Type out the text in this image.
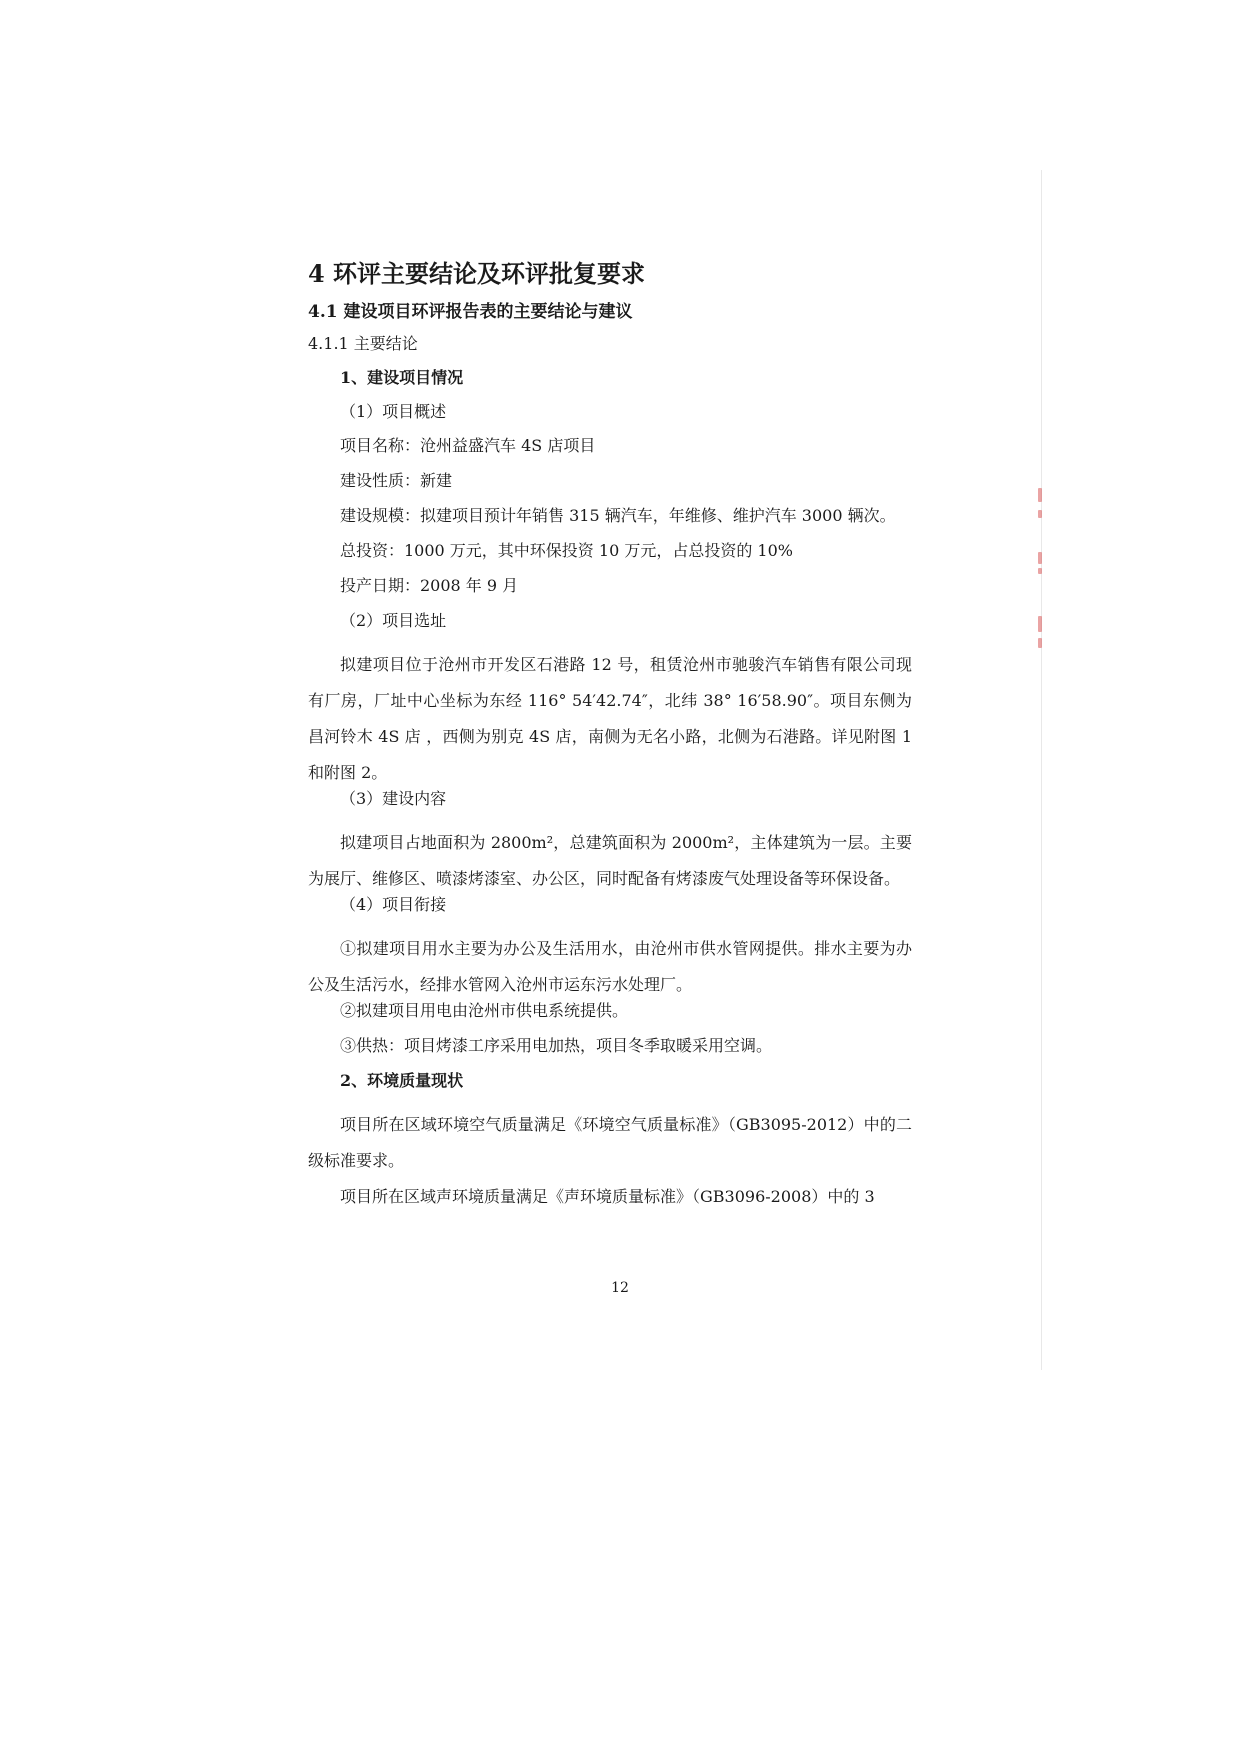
4 环评主要结论及环评批复要求
4.1 建设项目环评报告表的主要结论与建议
4.1.1 主要结论
1、建设项目情况
（1）项目概述
项目名称：沧州益盛汽车 4S 店项目
建设性质：新建
建设规模：拟建项目预计年销售 315 辆汽车，年维修、维护汽车 3000 辆次。
总投资：1000 万元，其中环保投资 10 万元，占总投资的 10%
投产日期：2008 年 9 月
（2）项目选址

拟建项目位于沧州市开发区石港路 12 号，租赁沧州市驰骏汽车销售有限公司现有厂房，厂址中心坐标为东经 116° 54′42.74″，北纬 38° 16′58.90″。项目东侧为昌河铃木 4S 店 ，西侧为别克 4S 店，南侧为无名小路，北侧为石港路。详见附图 1 和附图 2。

（3）建设内容

拟建项目占地面积为 2800m²，总建筑面积为 2000m²，主体建筑为一层。主要为展厅、维修区、喷漆烤漆室、办公区，同时配备有烤漆废气处理设备等环保设备。

（4）项目衔接

①拟建项目用水主要为办公及生活用水，由沧州市供水管网提供。排水主要为办公及生活污水，经排水管网入沧州市运东污水处理厂。

②拟建项目用电由沧州市供电系统提供。
③供热：项目烤漆工序采用电加热，项目冬季取暖采用空调。
2、环境质量现状

项目所在区域环境空气质量满足《环境空气质量标准》（GB3095-2012）中的二级标准要求。

项目所在区域声环境质量满足《声环境质量标准》（GB3096-2008）中的 3

12
